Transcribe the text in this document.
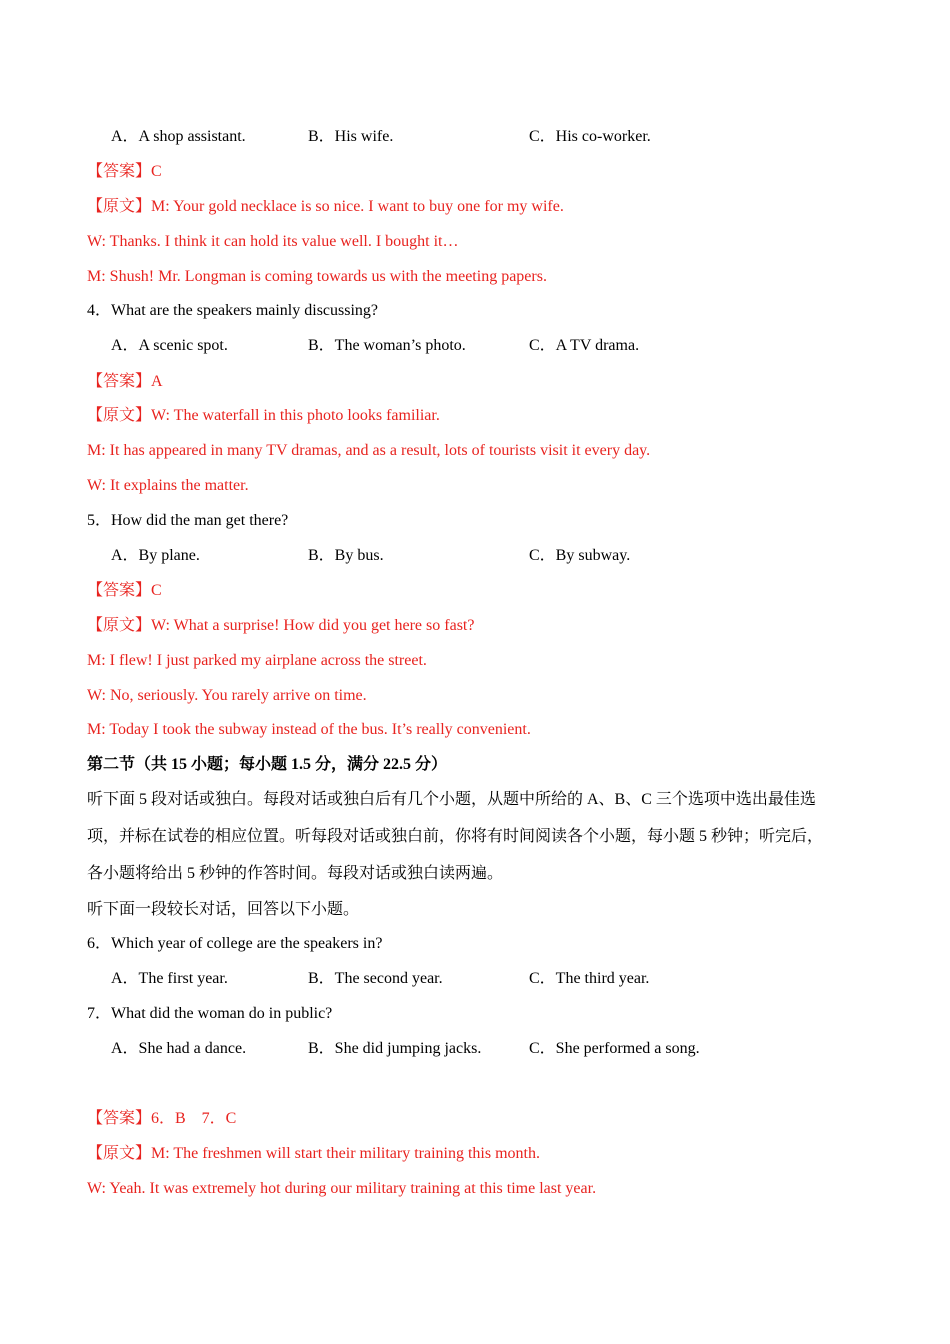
A．A shop assistant.	B．His wife.	C．His co-worker.
【答案】C
【原文】M: Your gold necklace is so nice. I want to buy one for my wife.
W: Thanks. I think it can hold its value well. I bought it…
M: Shush! Mr. Longman is coming towards us with the meeting papers.
4．What are the speakers mainly discussing?
A．A scenic spot.	B．The woman’s photo.	C．A TV drama.
【答案】A
【原文】W: The waterfall in this photo looks familiar.
M: It has appeared in many TV dramas, and as a result, lots of tourists visit it every day.
W: It explains the matter.
5．How did the man get there?
A．By plane.	B．By bus.	C．By subway.
【答案】C
【原文】W: What a surprise! How did you get here so fast?
M: I flew! I just parked my airplane across the street.
W: No, seriously. You rarely arrive on time.
M: Today I took the subway instead of the bus. It’s really convenient.
第二节（共 15 小题；每小题 1.5 分，满分 22.5 分）
听下面 5 段对话或独白。每段对话或独白后有几个小题，从题中所给的 A、B、C 三个选项中选出最佳选
项，并标在试卷的相应位置。听每段对话或独白前，你将有时间阅读各个小题，每小题 5 秒钟；听完后，
各小题将给出 5 秒钟的作答时间。每段对话或独白读两遍。
听下面一段较长对话，回答以下小题。
6．Which year of college are the speakers in?
A．The first year.	B．The second year.	C．The third year.
7．What did the woman do in public?
A．She had a dance.	B．She did jumping jacks.	C．She performed a song.
【答案】6．B　7．C
【原文】M: The freshmen will start their military training this month.
W: Yeah. It was extremely hot during our military training at this time last year.
